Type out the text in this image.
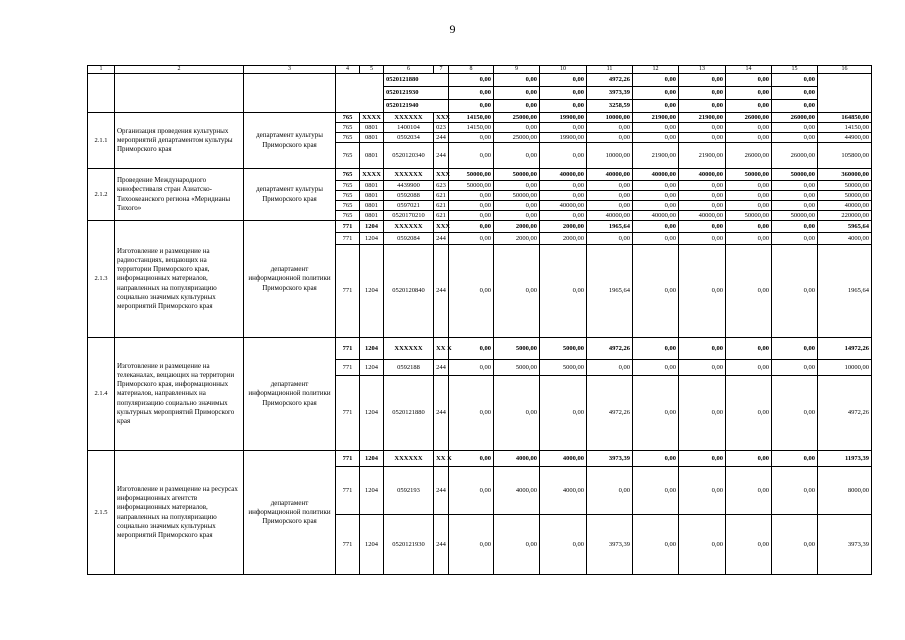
9
1	2	3	4	5	6	7	8	9	10	11	12	13	14	15	16
					0520121880		0,00	0,00	0,00	4972,26	0,00	0,00	0,00	0,00	
					0520121930		0,00	0,00	0,00	3973,39	0,00	0,00	0,00	0,00	
					0520121940		0,00	0,00	0,00	3258,59	0,00	0,00	0,00	0,00	
2.1.1	Организация проведения культурных мероприятий департаментом культуры Приморского края	департамент культуры Приморского края	765	XXXX	XXXXXX	XXX	14150,00	25000,00	19900,00	10000,00	21900,00	21900,00	26000,00	26000,00	164850,00
			765	0801	1400104	023	14150,00	0,00	0,00	0,00	0,00	0,00	0,00	0,00	14150,00
			765	0801	0592034	244	0,00	25000,00	19900,00	0,00	0,00	0,00	0,00	0,00	44900,00
			765	0801	0520120340	244	0,00	0,00	0,00	10000,00	21900,00	21900,00	26000,00	26000,00	105800,00
2.1.2	Проведение Международного кинофестиваля стран Азиатско-Тихоокеанского региона «Меридианы Тихого»	департамент культуры Приморского края	765	XXXX	XXXXXX	XXX	50000,00	50000,00	40000,00	40000,00	40000,00	40000,00	50000,00	50000,00	360000,00
			765	0801	4439900	623	50000,00	0,00	0,00	0,00	0,00	0,00	0,00	0,00	50000,00
			765	0801	0592088	621	0,00	50000,00	0,00	0,00	0,00	0,00	0,00	0,00	50000,00
			765	0801	0597021	621	0,00	0,00	40000,00	0,00	0,00	0,00	0,00	0,00	40000,00
			765	0801	0520170210	621	0,00	0,00	0,00	40000,00	40000,00	40000,00	50000,00	50000,00	220000,00
2.1.3	Изготовление и размещение на радиостанциях, вещающих на территории Приморского края, информационных материалов, направленных на популяризацию социально значимых культурных мероприятий Приморского края	департамент информационной политики Приморского края	771	1204	XXXXXX	XXX	0,00	2000,00	2000,00	1965,64	0,00	0,00	0,00	0,00	5965,64
			771	1204	0592084	244	0,00	2000,00	2000,00	0,00	0,00	0,00	0,00	0,00	4000,00
			771	1204	0520120840	244	0,00	0,00	0,00	1965,64	0,00	0,00	0,00	0,00	1965,64
2.1.4	Изготовление и размещение на телеканалах, вещающих на территории Приморского края, информационных материалов, направленных на популяризацию социально значимых культурных мероприятий Приморского края	департамент информационной политики Приморского края	771	1204	XXXXXX	XX X	0,00	5000,00	5000,00	4972,26	0,00	0,00	0,00	0,00	14972,26
			771	1204	0592188	244	0,00	5000,00	5000,00	0,00	0,00	0,00	0,00	0,00	10000,00
			771	1204	0520121880	244	0,00	0,00	0,00	4972,26	0,00	0,00	0,00	0,00	4972,26
2.1.5	Изготовление и размещение на ресурсах информационных агентств информационных материалов, направленных на популяризацию социально значимых культурных мероприятий Приморского края	департамент информационной политики Приморского края	771	1204	XXXXXX	XX X	0,00	4000,00	4000,00	3973,39	0,00	0,00	0,00	0,00	11973,39
			771	1204	0592193	244	0,00	4000,00	4000,00	0,00	0,00	0,00	0,00	0,00	8000,00
			771	1204	0520121930	244	0,00	0,00	0,00	3973,39	0,00	0,00	0,00	0,00	3973,39
